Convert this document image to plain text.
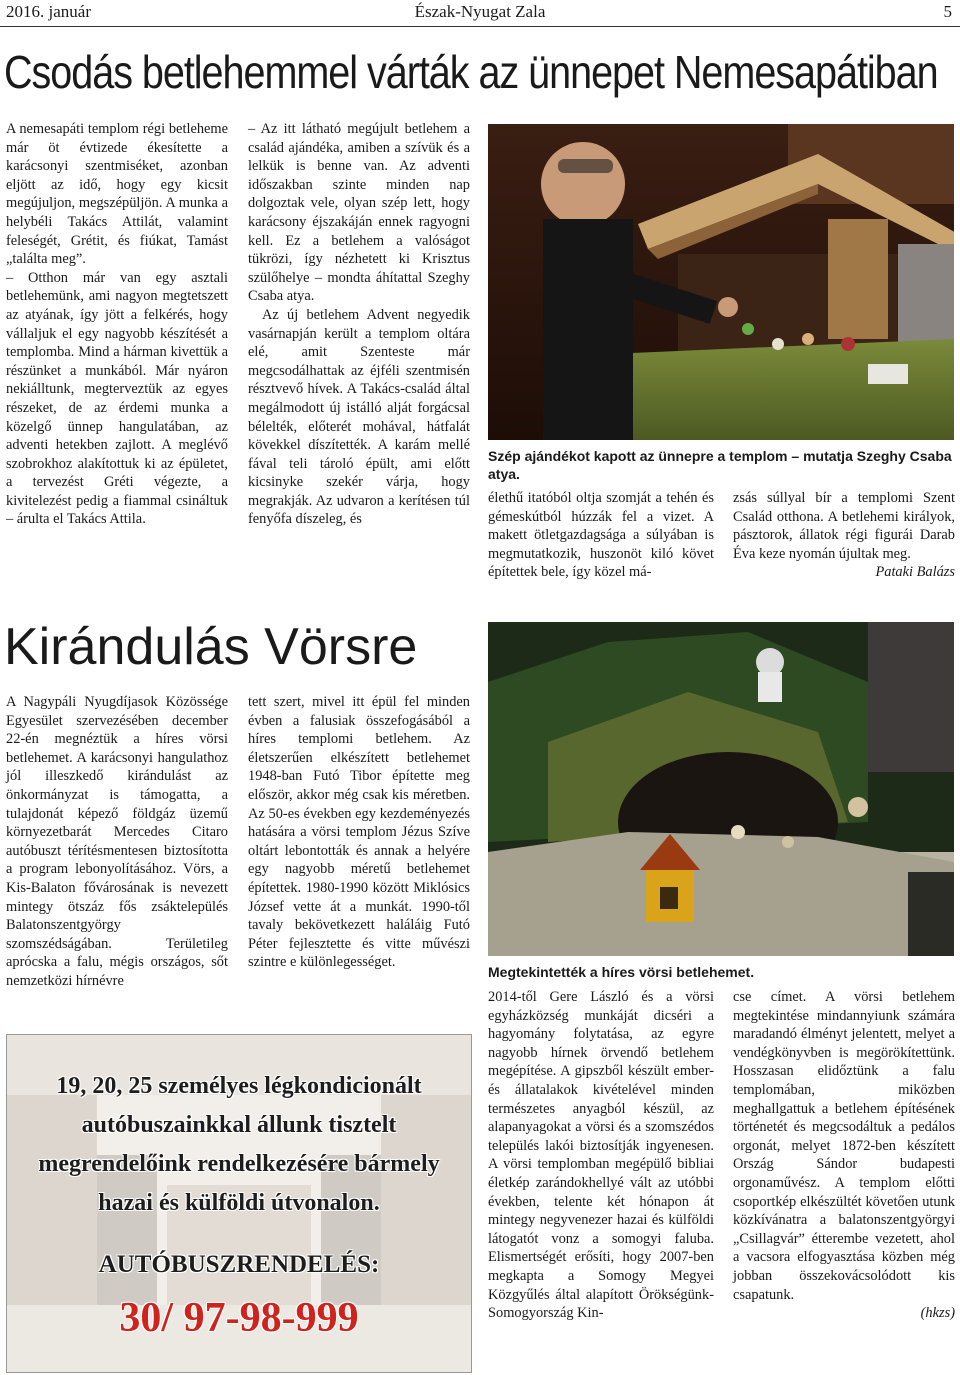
Észak-Nyugat Zala
2016. január	5
Csodás betlehemmel várták az ünnepet Nemesapátiban

A nemesapáti templom régi betleheme már öt évtizede ékesítette a karácsonyi szentmiséket, azonban eljött az idő, hogy egy kicsit megújuljon, megszépüljön. A munka a helybéli Takács Attilát, valamint feleségét, Grétit, és fiúkat, Tamást „találta meg”.

– Otthon már van egy asztali betlehemünk, ami nagyon megtetszett az atyának, így jött a felkérés, hogy vállaljuk el egy nagyobb készítését a templomba. Mind a hárman kivettük a részünket a munkából. Már nyáron nekiálltunk, megterveztük az egyes részeket, de az érdemi munka a közelgő ünnep hangulatában, az adventi hetekben zajlott. A meglévő szobrokhoz alakítottuk ki az épületet, a tervezést Gréti végezte, a kivitelezést pedig a fiammal csináltuk – árulta el Takács Attila.

– Az itt látható megújult betlehem a család ajándéka, amiben a szívük és a lelkük is benne van. Az adventi időszakban szinte minden nap dolgoztak vele, olyan szép lett, hogy karácsony éjszakáján ennek ragyogni kell. Ez a betlehem a valóságot tükrözi, így nézhetett ki Krisztus szülőhelye – mondta áhítattal Szeghy Csaba atya.

Az új betlehem Advent negyedik vasárnapján került a templom oltára elé, amit Szenteste már megcsodálhattak az éjféli szentmisén résztvevő hívek. A Takács-család által megálmodott új istálló alját forgácsal bélelték, előterét mohával, hátfalát kövekkel díszítették. A karám mellé fával teli tároló épült, ami előtt kicsinyke szekér várja, hogy megrakják. Az udvaron a kerítésen túl fenyőfa díszeleg, és

Szép ajándékot kapott az ünnepre a templom – mutatja Szeghy Csaba atya.

élethű itatóból oltja szomját a tehén és gémeskútból húzzák fel a vizet. A makett ötletgazdagsága a súlyában is megmutatkozik, huszonöt kiló követ építettek bele, így közel má-

zsás súllyal bír a templomi Szent Család otthona. A betlehemi királyok, pásztorok, állatok régi figurái Darab Éva keze nyomán újultak meg.

Pataki Balázs

Kirándulás Vörsre

A Nagypáli Nyugdíjasok Közössége Egyesület szervezésében december 22-én megnéztük a híres vörsi betlehemet. A karácsonyi hangulathoz jól illeszkedő kirándulást az önkormányzat is támogatta, a tulajdonát képező földgáz üzemű környezetbarát Mercedes Citaro autóbuszt térítésmentesen biztosította a program lebonyolításához. Vörs, a Kis-Balaton fővárosának is nevezett mintegy ötszáz fős zsáktelepülés Balatonszentgyörgy szomszédságában. Területileg aprócska a falu, mégis országos, sőt nemzetközi hírnévre

tett szert, mivel itt épül fel minden évben a falusiak összefogásából a híres templomi betlehem. Az életszerűen elkészített betlehemet 1948-ban Futó Tibor építette meg először, akkor még csak kis méretben. Az 50-es években egy kezdeményezés hatására a vörsi templom Jézus Szíve oltárt lebontották és annak a helyére egy nagyobb méretű betlehemet építettek. 1980-1990 között Miklósics József vette át a munkát. 1990-től tavaly bekövetkezett haláláig Futó Péter fejlesztette és vitte művészi szintre e különlegességet.

Megtekintették a híres vörsi betlehemet.

2014-től Gere László és a vörsi egyházközség munkáját dicséri a hagyomány folytatása, az egyre nagyobb hírnek örvendő betlehem megépítése. A gipszből készült ember- és állatalakok kivételével minden természetes anyagból készül, az alapanyagokat a vörsi és a szomszédos település lakói biztosítják ingyenesen. A vörsi templomban megépülő bibliai életkép zarándokhellyé vált az utóbbi években, telente két hónapon át mintegy negyvenezer hazai és külföldi látogatót vonz a somogyi faluba. Elismertségét erősíti, hogy 2007-ben megkapta a Somogy Megyei Közgyűlés által alapított Örökségünk-Somogyország Kin-

cse címet. A vörsi betlehem megtekintése mindannyiunk számára maradandó élményt jelentett, melyet a vendégkönyvben is megörökítettünk. Hosszasan elidőztünk a falu templomában, miközben meghallgattuk a betlehem építésének történetét és megcsodáltuk a pedálos orgonát, melyet 1872-ben készített Ország Sándor budapesti orgonaművész. A templom előtti csoportkép elkészültét követően utunk közkívánatra a balatonszentgyörgyi „Csillagvár” étterembe vezetett, ahol a vacsora elfogyasztása közben még jobban összekovácsolódott kis csapatunk.

(hkzs)

19, 20, 25 személyes légkondicionált
autóbuszainkkal állunk tisztelt
megrendelőink rendelkezésére bármely
hazai és külföldi útvonalon.
AUTÓBUSZRENDELÉS:
30/ 97-98-999
